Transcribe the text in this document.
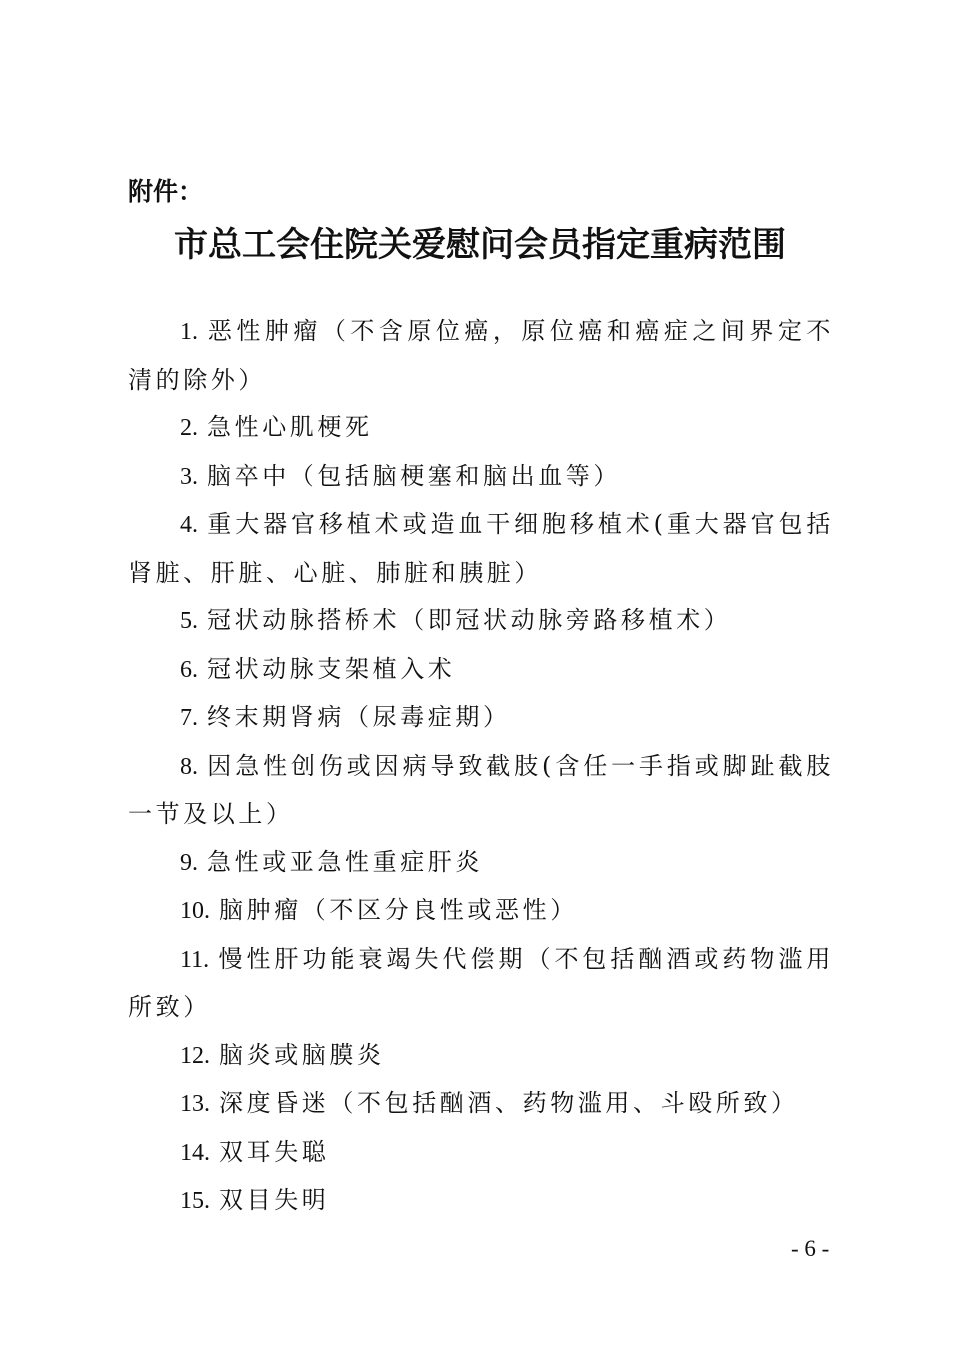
附件：
市总工会住院关爱慰问会员指定重病范围
1. 恶性肿瘤（不含原位癌，原位癌和癌症之间界定不清的除外）
2. 急性心肌梗死
3. 脑卒中（包括脑梗塞和脑出血等）
4. 重大器官移植术或造血干细胞移植术(重大器官包括肾脏、肝脏、心脏、肺脏和胰脏）
5. 冠状动脉搭桥术（即冠状动脉旁路移植术）
6. 冠状动脉支架植入术
7. 终末期肾病（尿毒症期）
8. 因急性创伤或因病导致截肢(含任一手指或脚趾截肢一节及以上）
9. 急性或亚急性重症肝炎
10. 脑肿瘤（不区分良性或恶性）
11. 慢性肝功能衰竭失代偿期（不包括酗酒或药物滥用所致）
12. 脑炎或脑膜炎
13. 深度昏迷（不包括酗酒、药物滥用、斗殴所致）
14. 双耳失聪
15. 双目失明
- 6 -
